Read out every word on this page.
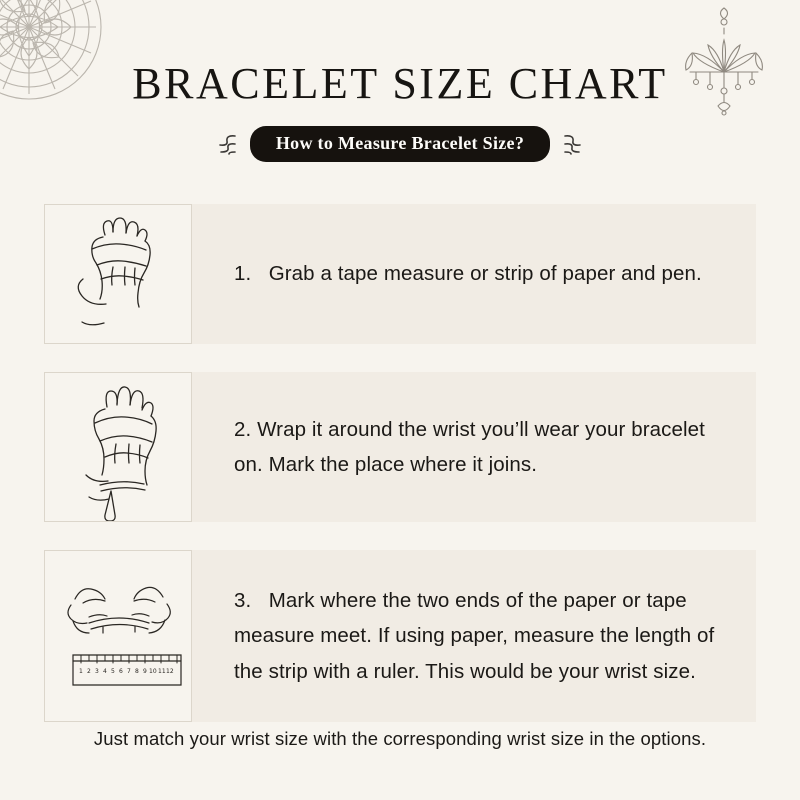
BRACELET SIZE CHART
How to Measure Bracelet Size?
1. Grab a tape measure or strip of paper and pen.
2. Wrap it around the wrist you’ll wear your bracelet on. Mark the place where it joins.
1 2 3 4 5 6 7 8 9 10 11 12
3. Mark where the two ends of the paper or tape measure meet. If using paper, measure the length of the strip with a ruler. This would be your wrist size.
Just match your wrist size with the corresponding wrist size in the options.
